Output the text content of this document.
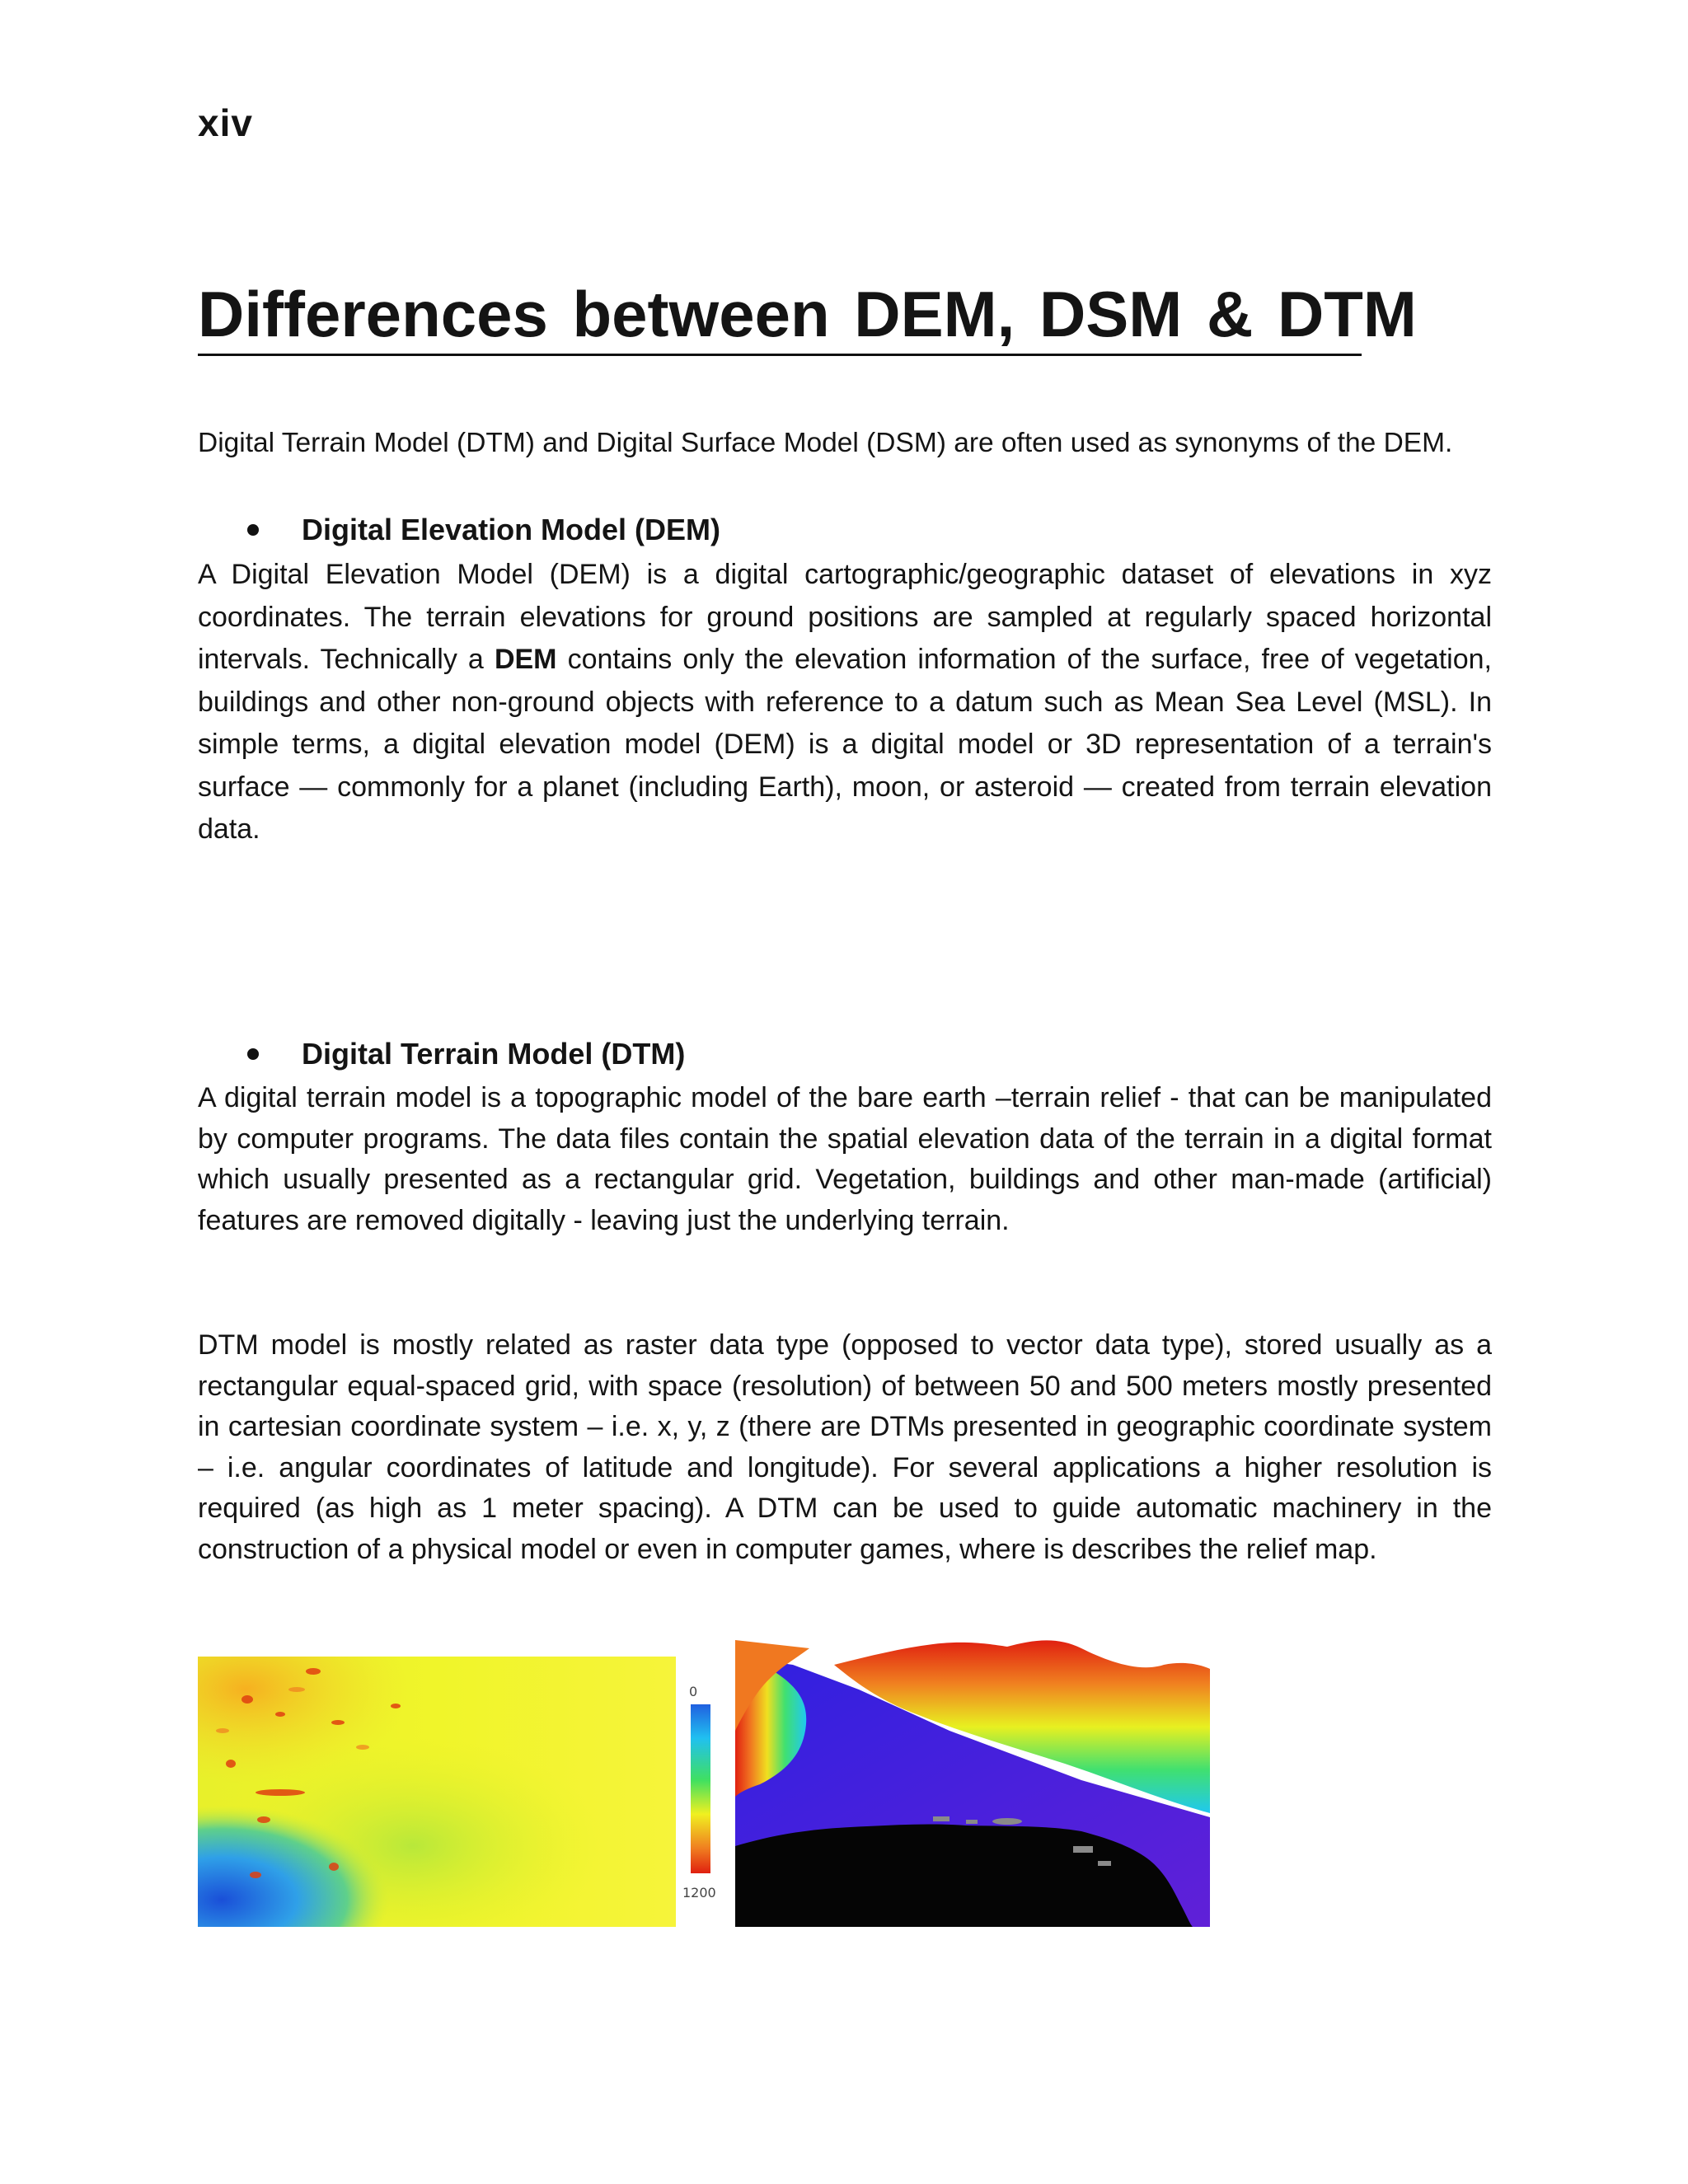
xiv
Differences between DEM, DSM & DTM
Digital Terrain Model (DTM) and Digital Surface Model (DSM) are often used as synonyms of the DEM.
Digital Elevation Model (DEM)

A Digital Elevation Model (DEM) is a digital cartographic/geographic dataset of elevations in xyz coordinates. The terrain elevations for ground positions are sampled at regularly spaced horizontal intervals. Technically a DEM contains only the elevation information of the surface, free of vegetation, buildings and other non-ground objects with reference to a datum such as Mean Sea Level (MSL). In simple terms, a digital elevation model (DEM) is a digital model or 3D representation of a terrain's surface — commonly for a planet (including Earth), moon, or asteroid — created from terrain elevation data.

Digital Terrain Model (DTM)

A digital terrain model is a topographic model of the bare earth –terrain relief - that can be manipulated by computer programs. The data files contain the spatial elevation data of the terrain in a digital format which usually presented as a rectangular grid. Vegetation, buildings and other man-made (artificial) features are removed digitally - leaving just the underlying terrain.

DTM model is mostly related as raster data type (opposed to vector data type), stored usually as a rectangular equal-spaced grid, with space (resolution) of between 50 and 500 meters mostly presented in cartesian coordinate system – i.e. x, y, z (there are DTMs presented in geographic coordinate system – i.e. angular coordinates of latitude and longitude). For several applications a higher resolution is required (as high as 1 meter spacing). A DTM can be used to guide automatic machinery in the construction of a physical model or even in computer games, where is describes the relief map.

0
1200
